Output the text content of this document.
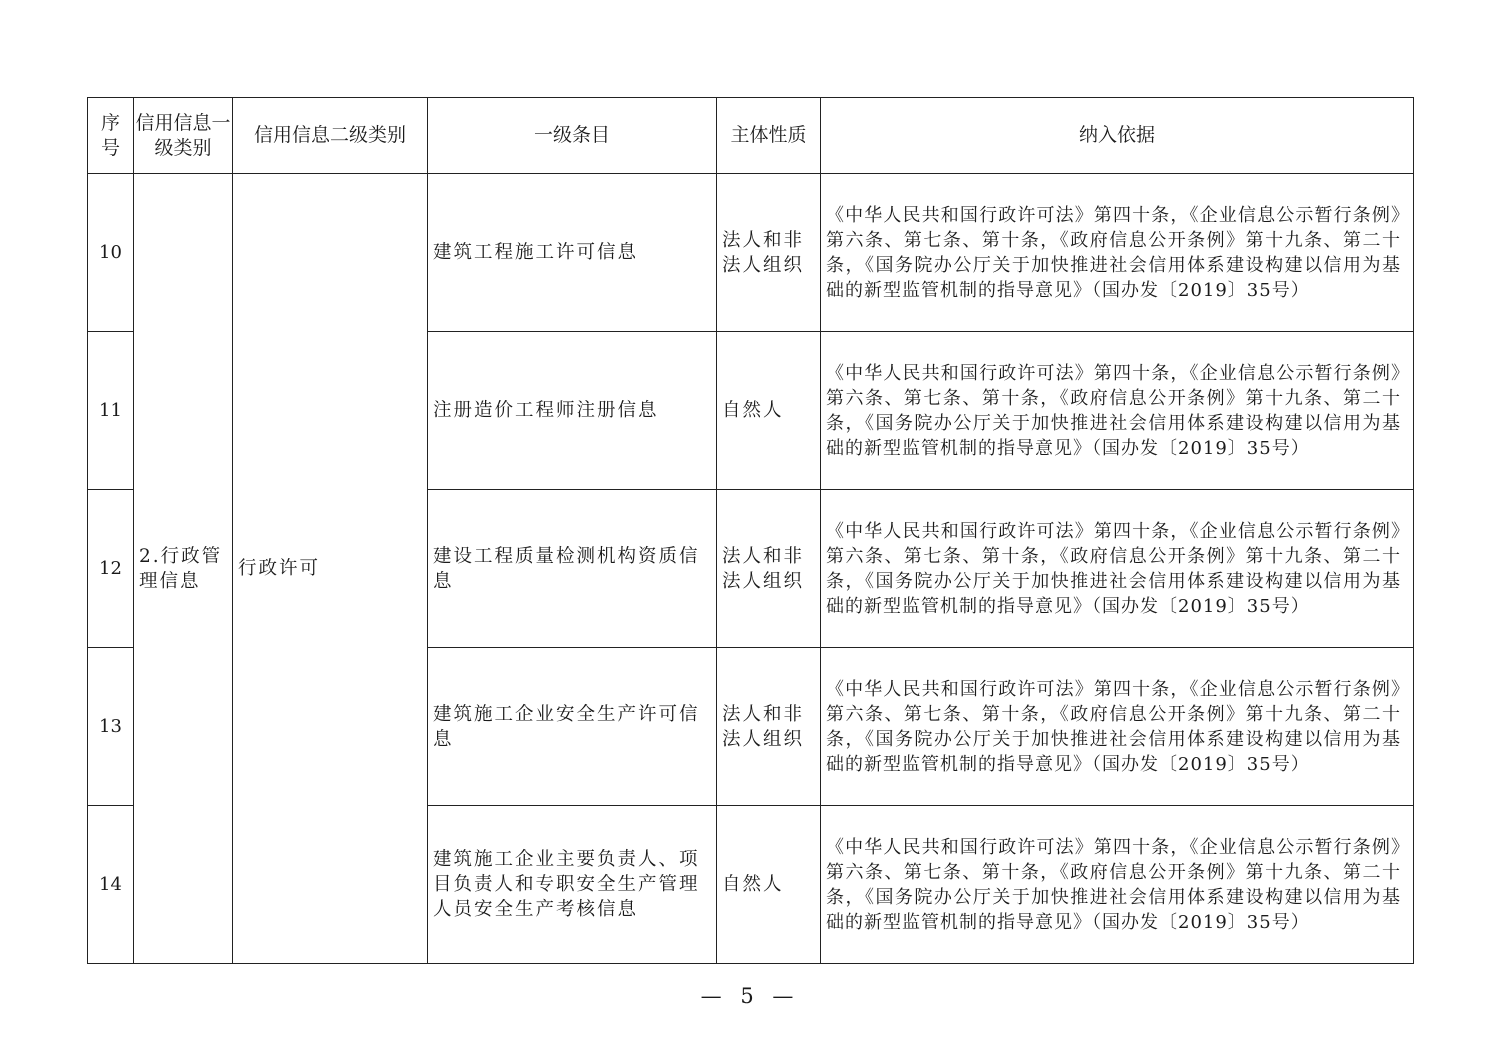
序号	信用信息一级类别	信用信息二级类别	一级条目	主体性质	纳入依据
10	2.行政管理信息	行政许可	建筑工程施工许可信息	法人和非法人组织	《中华人民共和国行政许可法》第四十条，《企业信息公示暂行条例》第六条、第七条、第十条，《政府信息公开条例》第十九条、第二十条，《国务院办公厅关于加快推进社会信用体系建设构建以信用为基础的新型监管机制的指导意见》（国办发〔2019〕35号）
11			注册造价工程师注册信息	自然人	《中华人民共和国行政许可法》第四十条，《企业信息公示暂行条例》第六条、第七条、第十条，《政府信息公开条例》第十九条、第二十条，《国务院办公厅关于加快推进社会信用体系建设构建以信用为基础的新型监管机制的指导意见》（国办发〔2019〕35号）
12			建设工程质量检测机构资质信息	法人和非法人组织	《中华人民共和国行政许可法》第四十条，《企业信息公示暂行条例》第六条、第七条、第十条，《政府信息公开条例》第十九条、第二十条，《国务院办公厅关于加快推进社会信用体系建设构建以信用为基础的新型监管机制的指导意见》（国办发〔2019〕35号）
13			建筑施工企业安全生产许可信息	法人和非法人组织	《中华人民共和国行政许可法》第四十条，《企业信息公示暂行条例》第六条、第七条、第十条，《政府信息公开条例》第十九条、第二十条，《国务院办公厅关于加快推进社会信用体系建设构建以信用为基础的新型监管机制的指导意见》（国办发〔2019〕35号）
14			建筑施工企业主要负责人、项目负责人和专职安全生产管理人员安全生产考核信息	自然人	《中华人民共和国行政许可法》第四十条，《企业信息公示暂行条例》第六条、第七条、第十条，《政府信息公开条例》第十九条、第二十条，《国务院办公厅关于加快推进社会信用体系建设构建以信用为基础的新型监管机制的指导意见》（国办发〔2019〕35号）
— 5 —
